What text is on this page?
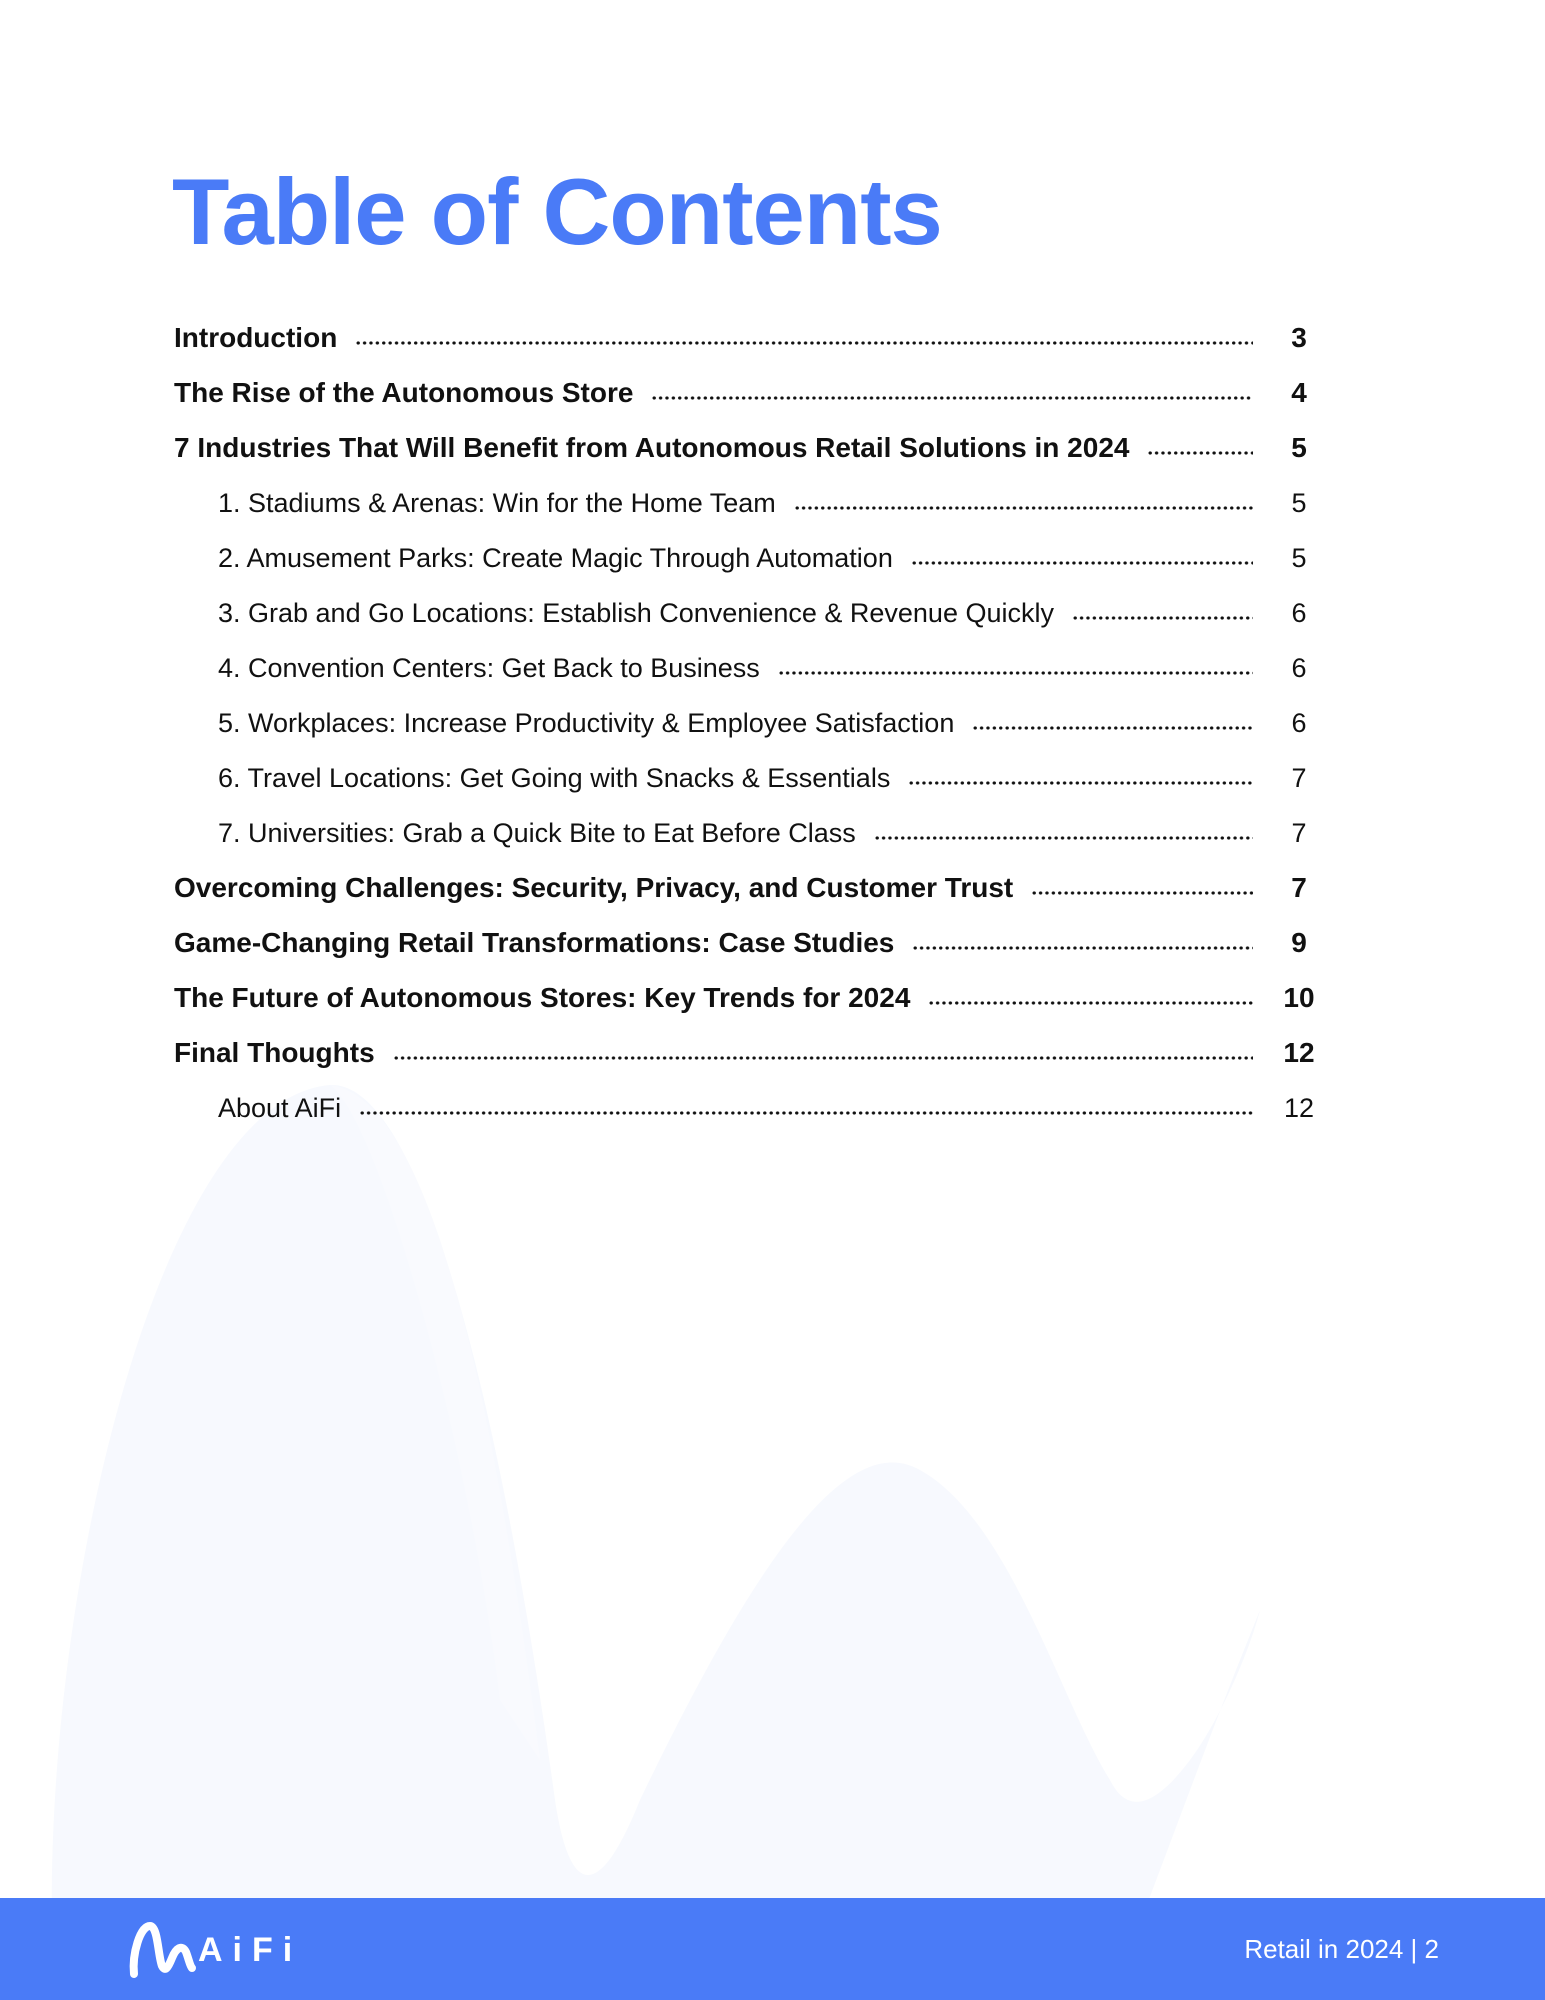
Table of Contents
Introduction	3
The Rise of the Autonomous Store	4
7 Industries That Will Benefit from Autonomous Retail Solutions in 2024	5
1. Stadiums & Arenas: Win for the Home Team	5
2. Amusement Parks: Create Magic Through Automation	5
3. Grab and Go Locations: Establish Convenience & Revenue Quickly	6
4. Convention Centers: Get Back to Business	6
5. Workplaces: Increase Productivity & Employee Satisfaction	6
6. Travel Locations: Get Going with Snacks & Essentials	7
7. Universities: Grab a Quick Bite to Eat Before Class	7
Overcoming Challenges: Security, Privacy, and Customer Trust	7
Game-Changing Retail Transformations: Case Studies	9
The Future of Autonomous Stores: Key Trends for 2024	10
Final Thoughts	12
About AiFi	12
AiFi	Retail in 2024 | 2
